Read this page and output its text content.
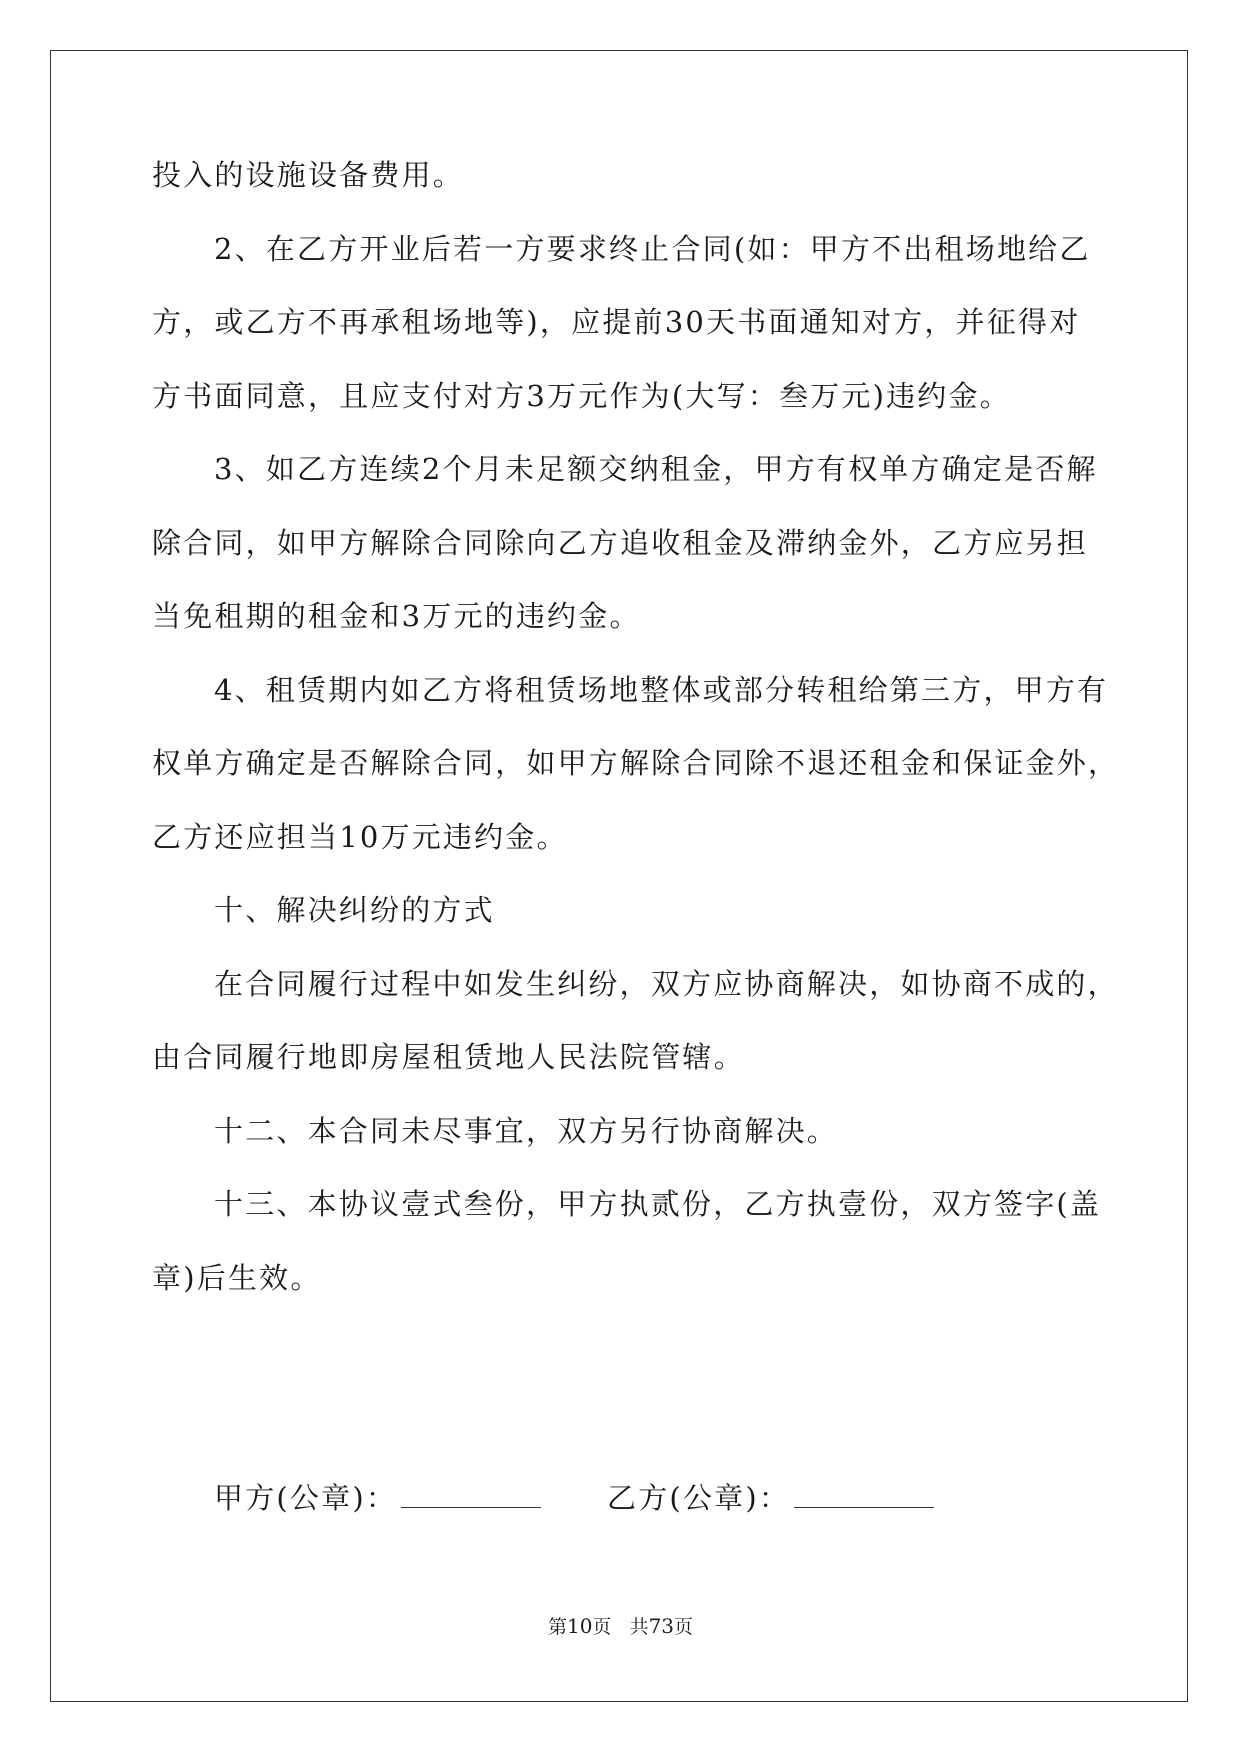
投入的设施设备费用。
2、在乙方开业后若一方要求终止合同(如：甲方不出租场地给乙
方，或乙方不再承租场地等)，应提前30天书面通知对方，并征得对
方书面同意，且应支付对方3万元作为(大写：叁万元)违约金。
3、如乙方连续2个月未足额交纳租金，甲方有权单方确定是否解
除合同，如甲方解除合同除向乙方追收租金及滞纳金外，乙方应另担
当免租期的租金和3万元的违约金。
4、租赁期内如乙方将租赁场地整体或部分转租给第三方，甲方有
权单方确定是否解除合同，如甲方解除合同除不退还租金和保证金外，
乙方还应担当10万元违约金。
十、解决纠纷的方式
在合同履行过程中如发生纠纷，双方应协商解决，如协商不成的，
由合同履行地即房屋租赁地人民法院管辖。
十二、本合同未尽事宜，双方另行协商解决。
十三、本协议壹式叁份，甲方执贰份，乙方执壹份，双方签字(盖
章)后生效。
甲方(公章)：	乙方(公章)：
第10页 共73页
